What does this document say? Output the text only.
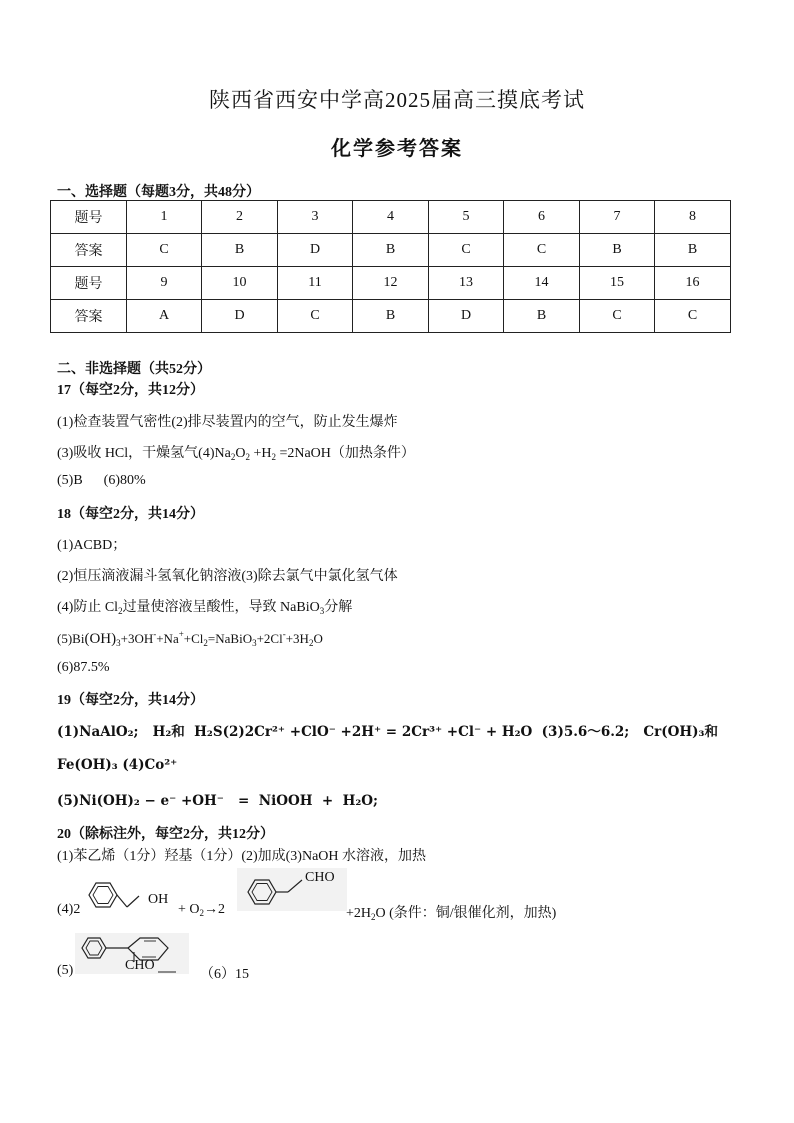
陕西省西安中学高2025届高三摸底考试
化学参考答案
一、选择题（每题3分，共48分）
题号	1	2	3	4	5	6	7	8
答案	C	B	D	B	C	C	B	B
题号	9	10	11	12	13	14	15	16
答案	A	D	C	B	D	B	C	C
二、非选择题（共52分）
17（每空2分，共12分）
(1)检查装置气密性(2)排尽装置内的空气，防止发生爆炸
(3)吸收 HCl，干燥氢气$(4)Na_2O_2 +H_2$ =2NaOH（加热条件）
(5)B      (6)80%
18（每空2分，共14分）
(1)ACBD；
(2)恒压滴液漏斗氢氧化钠溶液(3)除去氯气中氯化氢气体
(4)防止 $Cl_2$过量使溶液呈酸性，导致 NaBiO$_3$分解
$(5)Bi(OH)_3+3OH^-+Na^++Cl_2=NaBiO_3+2Cl^-+3H_2O$
(6)87.5%
19（每空2分，共14分）
(1)NaAlO₂;   H₂和  H₂S(2)2Cr²⁺ +ClO⁻ +2H⁺ = 2Cr³⁺ +Cl⁻ + H₂O  (3)5.6～6.2;   Cr(OH)₃和
Fe(OH)₃ (4)Co²⁺
(5)Ni(OH)₂ − e⁻ +OH⁻   =  NiOOH  +  H₂O;
20（除标注外，每空2分，共12分）
(1)苯乙烯（1分）羟基（1分）(2)加成(3)NaOH 水溶液，加热
(4)2
OH
+ $O_2\to 2$
CHO
$+2H_2O$ (条件：铜/银催化剂，加热)
(5)	CHO
（6）15
